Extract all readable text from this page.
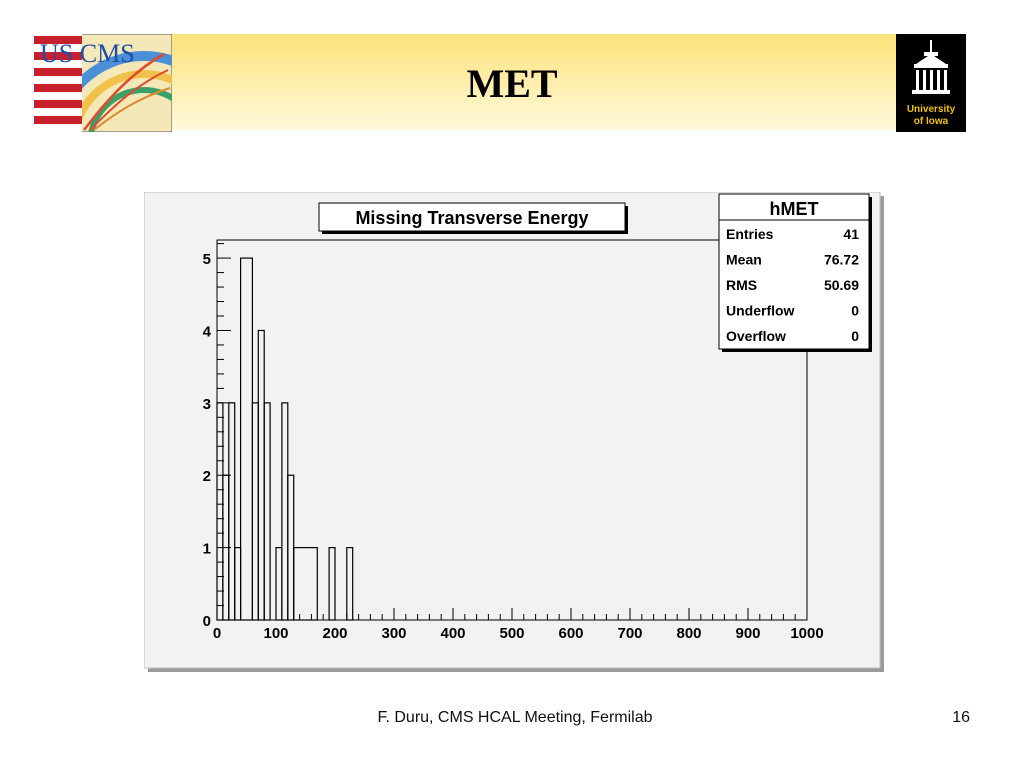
US CMS
University
of Iowa
MET
0	100 200 300 400 500 600 700 800 900 1000
0
1
2
3
4
5
Missing Transverse Energy	hMET
Entries	41
Mean	76.72
RMS	50.69
Underflow	0
Overflow	0
F. Duru, CMS HCAL Meeting, Fermilab	16
